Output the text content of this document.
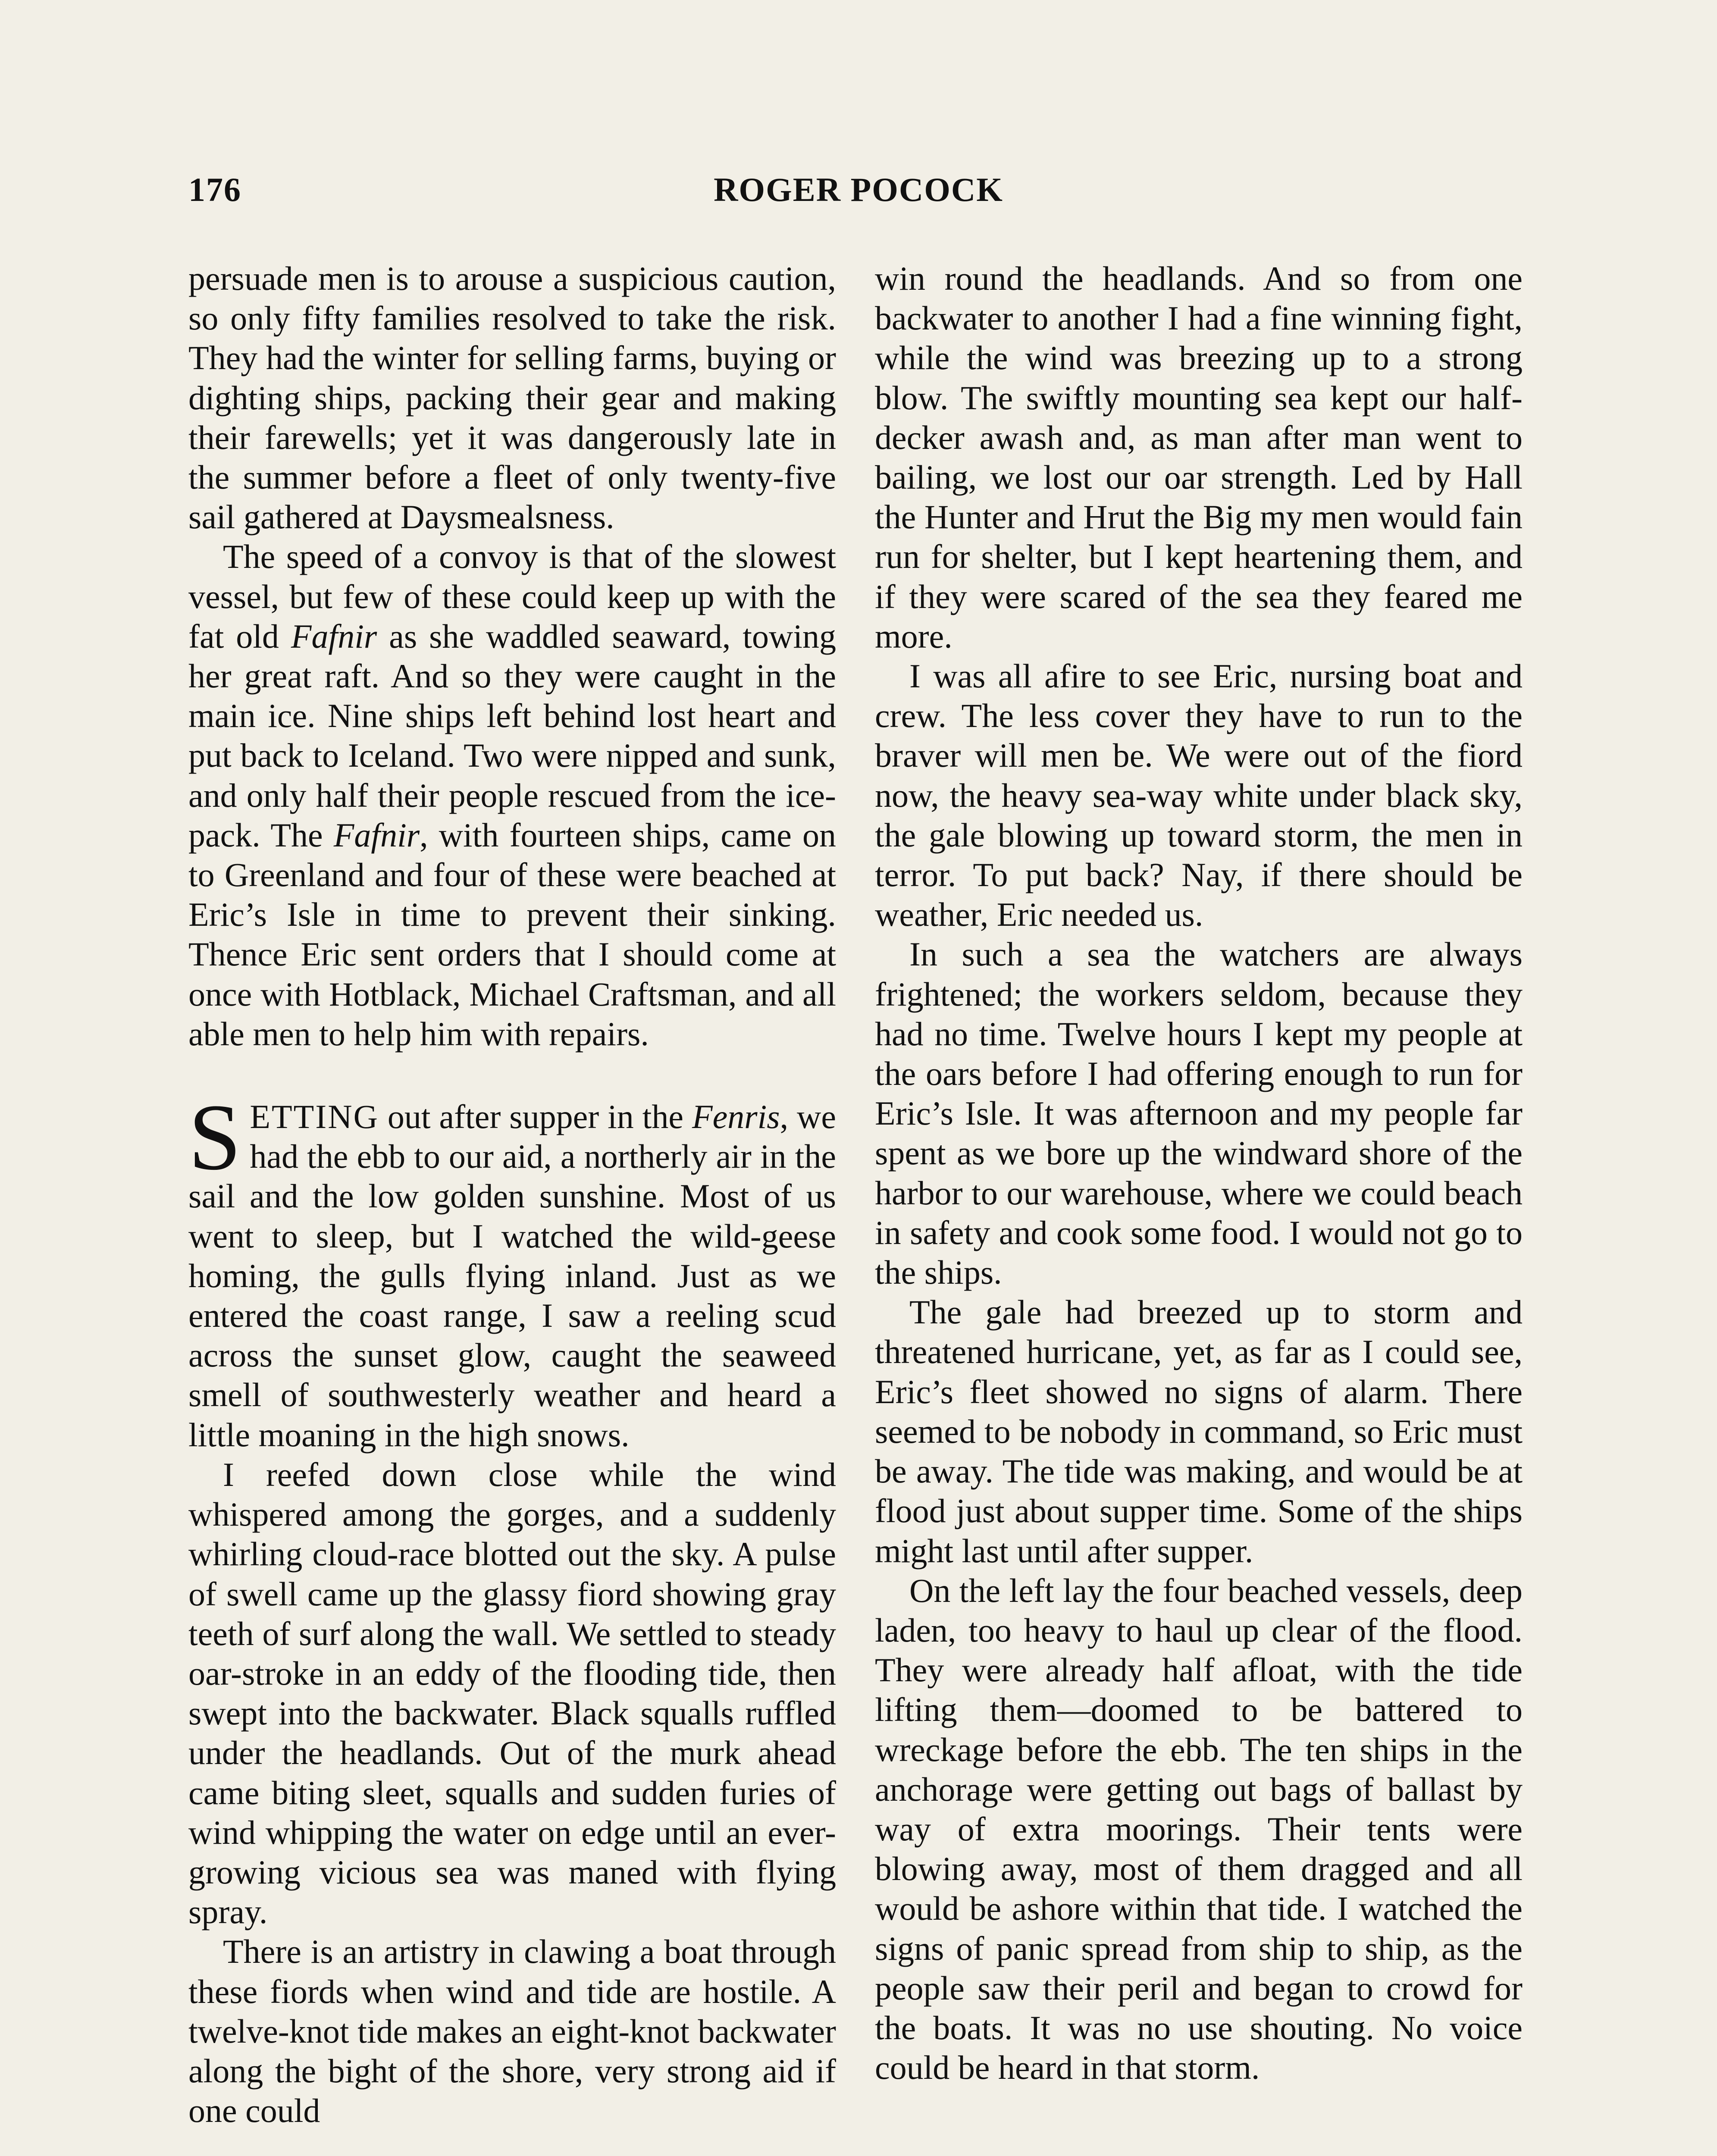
176	ROGER POCOCK

persuade men is to arouse a suspicious caution, so only fifty families resolved to take the risk. They had the winter for selling farms, buying or dighting ships, packing their gear and making their farewells; yet it was dangerously late in the summer before a fleet of only twenty-five sail gathered at Daysmealsness.

The speed of a convoy is that of the slowest vessel, but few of these could keep up with the fat old Fafnir as she waddled seaward, towing her great raft. And so they were caught in the main ice. Nine ships left behind lost heart and put back to Iceland. Two were nipped and sunk, and only half their people rescued from the ice-pack. The Fafnir, with fourteen ships, came on to Greenland and four of these were beached at Eric’s Isle in time to prevent their sinking. Thence Eric sent orders that I should come at once with Hotblack, Michael Craftsman, and all able men to help him with repairs.

SETTING out after supper in the Fenris, we had the ebb to our aid, a northerly air in the sail and the low golden sunshine. Most of us went to sleep, but I watched the wild-geese homing, the gulls flying inland. Just as we entered the coast range, I saw a reeling scud across the sunset glow, caught the seaweed smell of southwesterly weather and heard a little moaning in the high snows.

I reefed down close while the wind whispered among the gorges, and a suddenly whirling cloud-race blotted out the sky. A pulse of swell came up the glassy fiord showing gray teeth of surf along the wall. We settled to steady oar-stroke in an eddy of the flooding tide, then swept into the backwater. Black squalls ruffled under the headlands. Out of the murk ahead came biting sleet, squalls and sudden furies of wind whipping the water on edge until an ever-growing vicious sea was maned with flying spray.

There is an artistry in clawing a boat through these fiords when wind and tide are hostile. A twelve-knot tide makes an eight-knot backwater along the bight of the shore, very strong aid if one could

win round the headlands. And so from one backwater to another I had a fine winning fight, while the wind was breezing up to a strong blow. The swiftly mounting sea kept our half-decker awash and, as man after man went to bailing, we lost our oar strength. Led by Hall the Hunter and Hrut the Big my men would fain run for shelter, but I kept heartening them, and if they were scared of the sea they feared me more.

I was all afire to see Eric, nursing boat and crew. The less cover they have to run to the braver will men be. We were out of the fiord now, the heavy sea-way white under black sky, the gale blowing up toward storm, the men in terror. To put back? Nay, if there should be weather, Eric needed us.

In such a sea the watchers are always frightened; the workers seldom, because they had no time. Twelve hours I kept my people at the oars before I had offering enough to run for Eric’s Isle. It was afternoon and my people far spent as we bore up the windward shore of the harbor to our warehouse, where we could beach in safety and cook some food. I would not go to the ships.

The gale had breezed up to storm and threatened hurricane, yet, as far as I could see, Eric’s fleet showed no signs of alarm. There seemed to be nobody in command, so Eric must be away. The tide was making, and would be at flood just about supper time. Some of the ships might last until after supper.

On the left lay the four beached vessels, deep laden, too heavy to haul up clear of the flood. They were already half afloat, with the tide lifting them—doomed to be battered to wreckage before the ebb. The ten ships in the anchorage were getting out bags of ballast by way of extra moorings. Their tents were blowing away, most of them dragged and all would be ashore within that tide. I watched the signs of panic spread from ship to ship, as the people saw their peril and began to crowd for the boats. It was no use shouting. No voice could be heard in that storm.
